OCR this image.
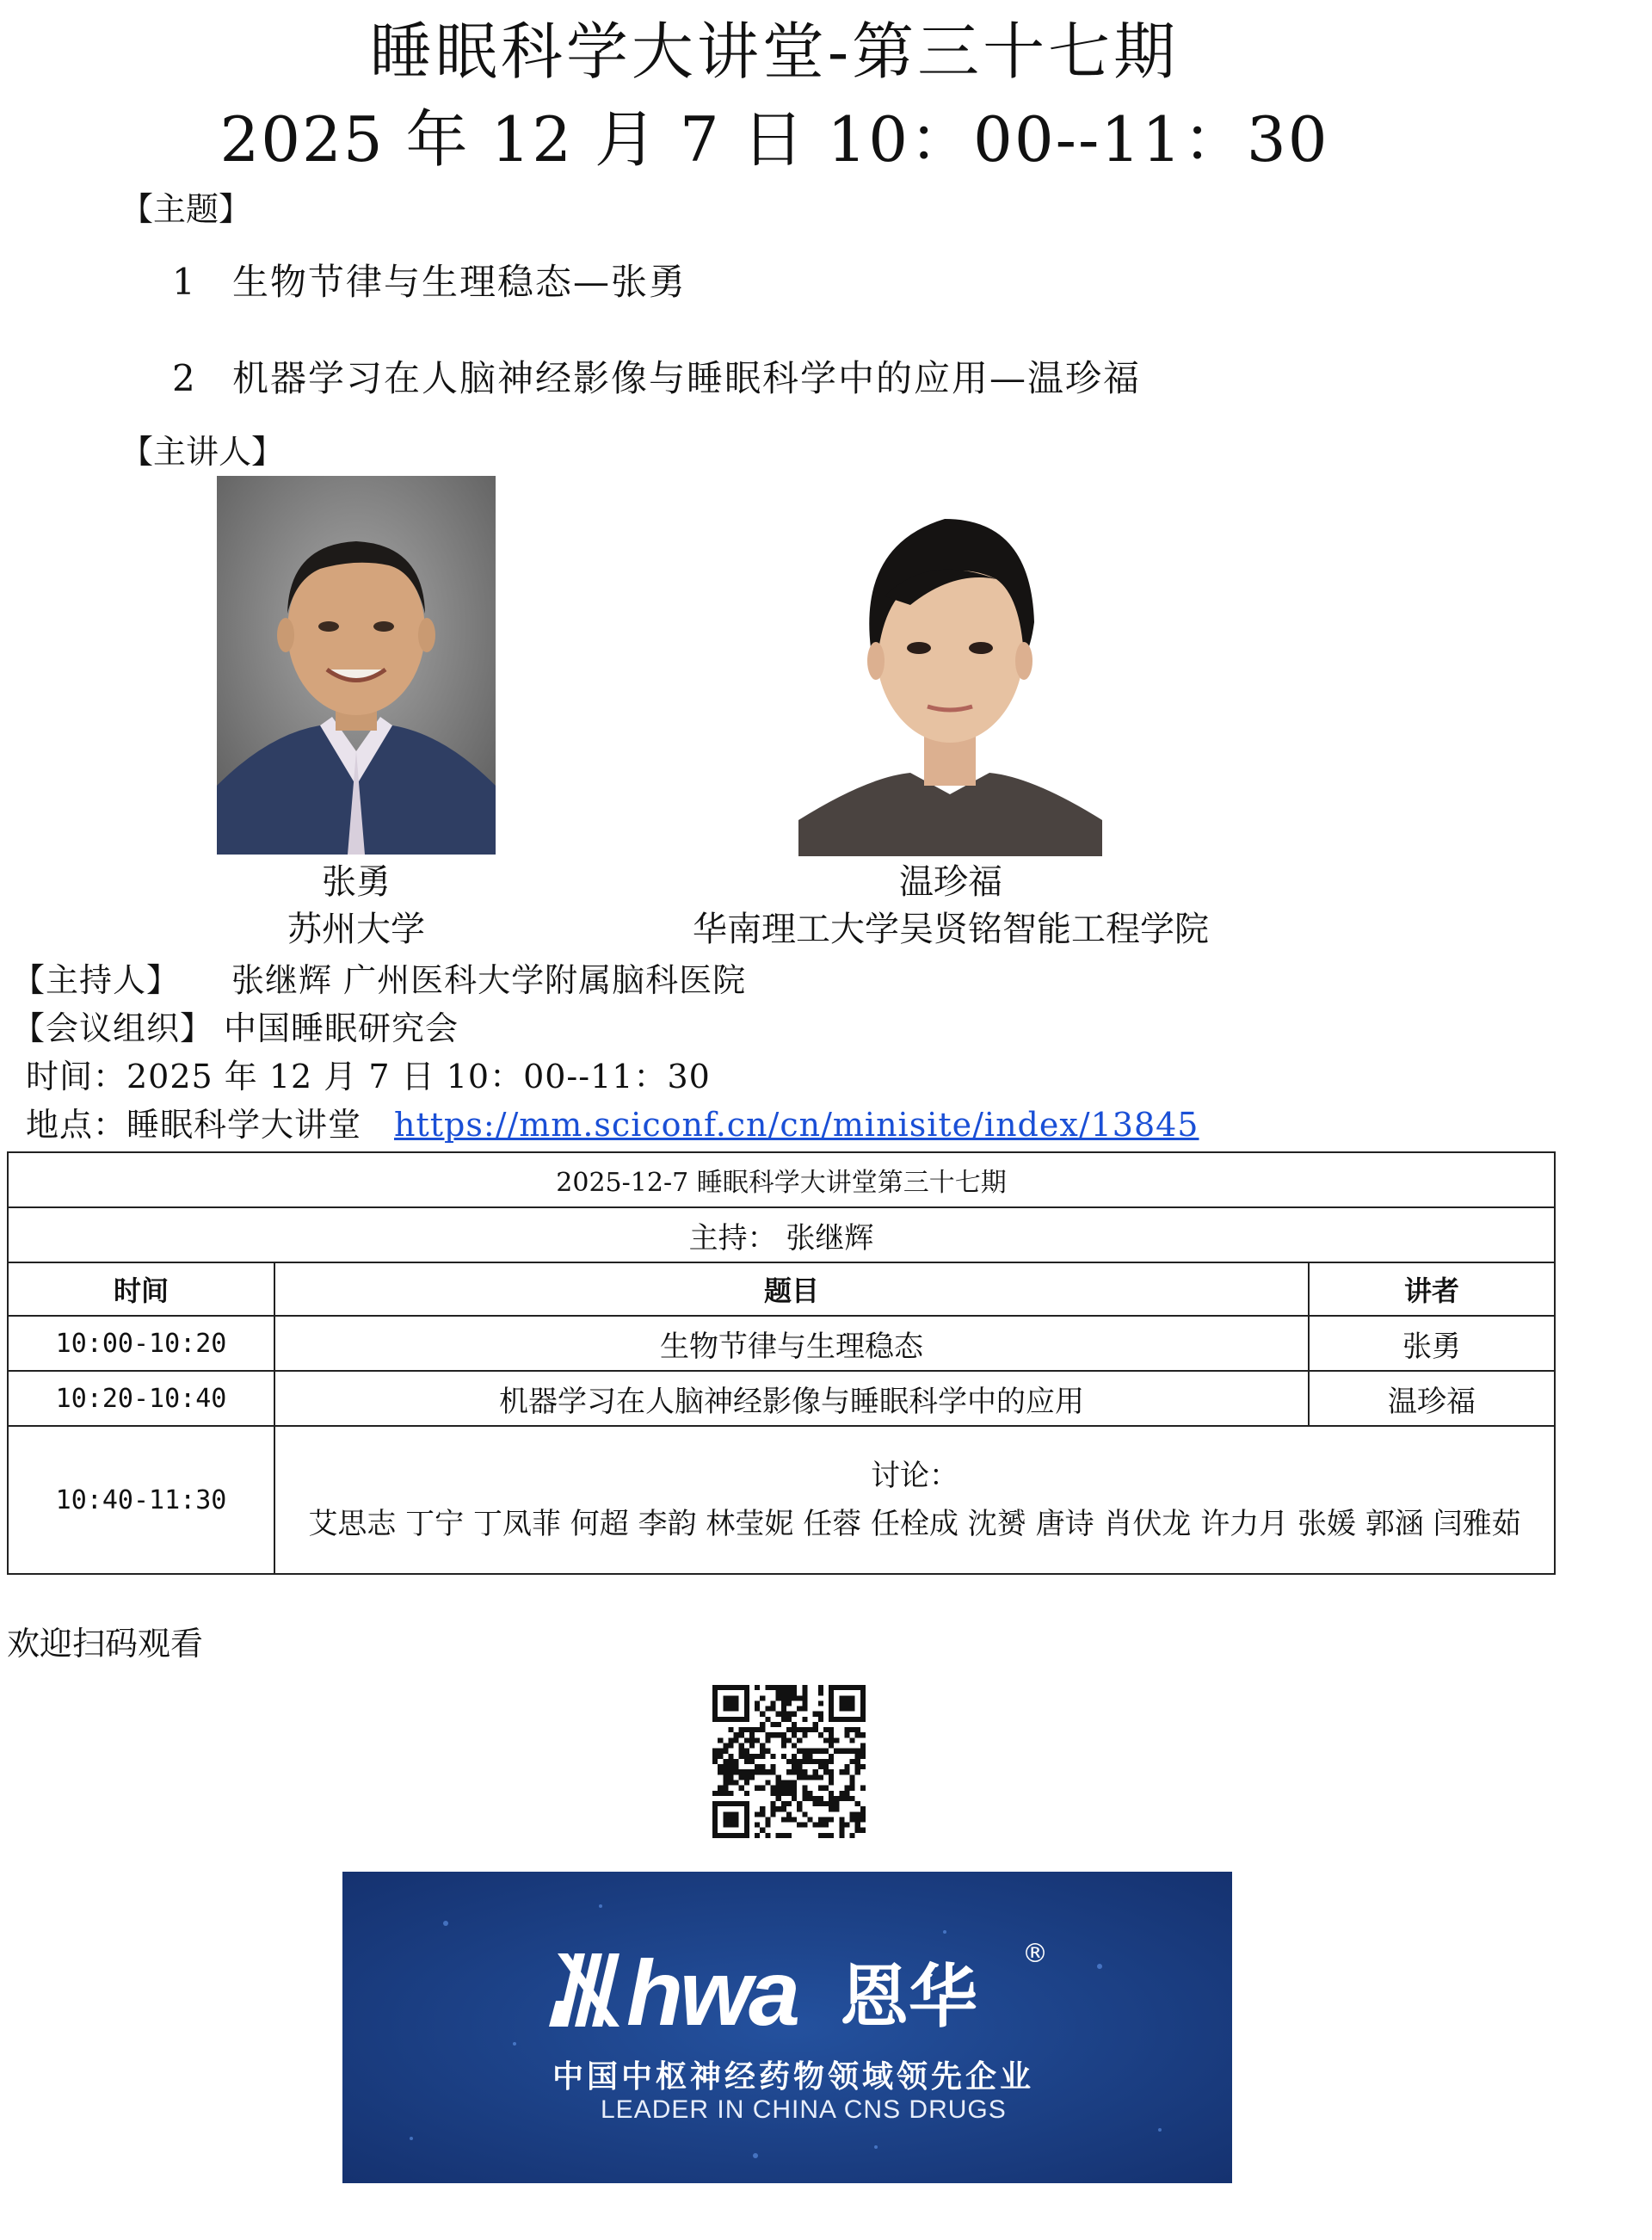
睡眠科学大讲堂-第三十七期
2025 年 12 月 7 日 10：00--11：30
【主题】
1 生物节律与生理稳态—张勇
2 机器学习在人脑神经影像与睡眠科学中的应用—温珍福
【主讲人】
张勇
苏州大学
温珍福
华南理工大学吴贤铭智能工程学院
【主持人】 张继辉 广州医科大学附属脑科医院
【会议组织】 中国睡眠研究会
时间：2025 年 12 月 7 日 10：00--11：30
地点：睡眠科学大讲堂 https://mm.sciconf.cn/cn/minisite/index/13845
2025-12-7 睡眠科学大讲堂第三十七期		
主持： 张继辉		
时间	题目	讲者
10:00-10:20	生物节律与生理稳态	张勇
10:20-10:40	机器学习在人脑神经影像与睡眠科学中的应用	温珍福
10:40-11:30	讨论：
艾思志 丁宁 丁凤菲 何超 李韵 林莹妮 任蓉 任栓成 沈赟 唐诗 肖伏龙 许力月 张媛 郭涵 闫雅茹	
欢迎扫码观看
hwa 恩华
®
中国中枢神经药物领域领先企业
LEADER IN CHINA CNS DRUGS
